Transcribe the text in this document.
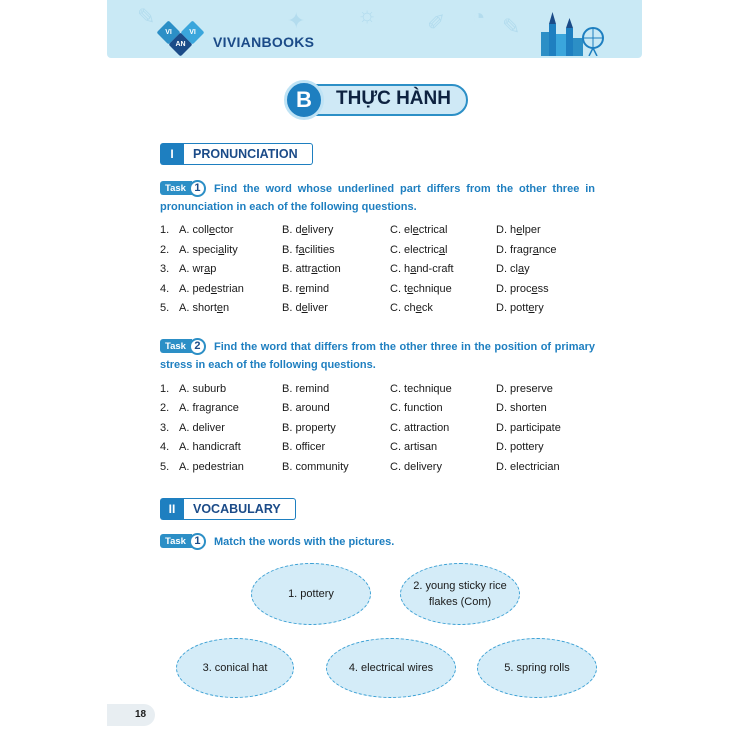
✎	✦ ☼ ✐ ◔ ✎
VI
AN
VI
VIVIANBOOKS
B	THỰC HÀNH
I	PRONUNCIATION
Task 1	Find the word whose underlined part differs from the other three in pronunciation in each of the following questions.
1. A. collector	B. delivery	C. electrical	D. helper
2. A. speciality	B. facilities	C. electrical	D. fragrance
3. A. wrap	B. attraction	C. hand-craft	D. clay
4. A. pedestrian	B. remind	C. technique	D. process
5. A. shorten	B. deliver	C. check	D. pottery
Task 2	Find the word that differs from the other three in the position of primary stress in each of the following questions.
1. A. suburb	B. remind	C. technique	D. preserve
2. A. fragrance	B. around	C. function	D. shorten
3. A. deliver	B. property	C. attraction	D. participate
4. A. handicraft	B. officer	C. artisan	D. pottery
5. A. pedestrian	B. community	C. delivery	D. electrician
II	VOCABULARY
Task 1	Match the words with the pictures.
1. pottery
2. young sticky rice flakes (Com)
3. conical hat	4. electrical wires	5. spring rolls
18
